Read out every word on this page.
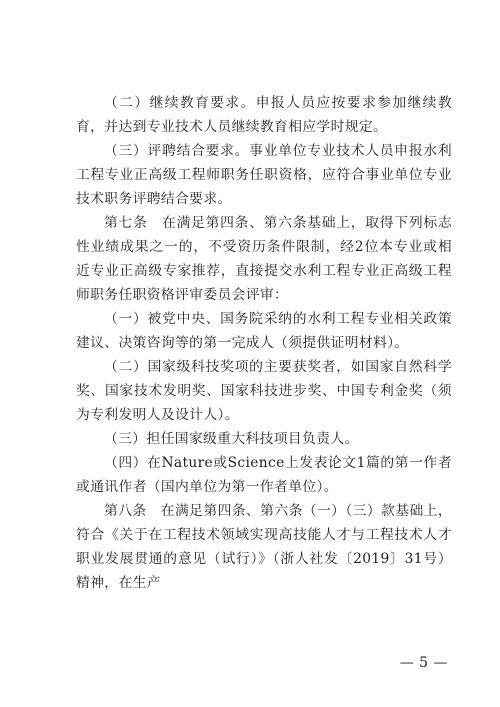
（二）继续教育要求。申报人员应按要求参加继续教育，并达到专业技术人员继续教育相应学时规定。

（三）评聘结合要求。事业单位专业技术人员申报水利工程专业正高级工程师职务任职资格，应符合事业单位专业技术职务评聘结合要求。

第七条　在满足第四条、第六条基础上，取得下列标志性业绩成果之一的，不受资历条件限制，经2位本专业或相近专业正高级专家推荐，直接提交水利工程专业正高级工程师职务任职资格评审委员会评审：

（一）被党中央、国务院采纳的水利工程专业相关政策建议、决策咨询等的第一完成人（须提供证明材料）。

（二）国家级科技奖项的主要获奖者，如国家自然科学奖、国家技术发明奖、国家科技进步奖、中国专利金奖（须为专利发明人及设计人）。

（三）担任国家级重大科技项目负责人。

（四）在Nature或Science上发表论文1篇的第一作者或通讯作者（国内单位为第一作者单位）。

第八条　在满足第四条、第六条（一）（三）款基础上，符合《关于在工程技术领域实现高技能人才与工程技术人才职业发展贯通的意见（试行）》（浙人社发〔2019〕31号）精神，在生产

— 5 —
